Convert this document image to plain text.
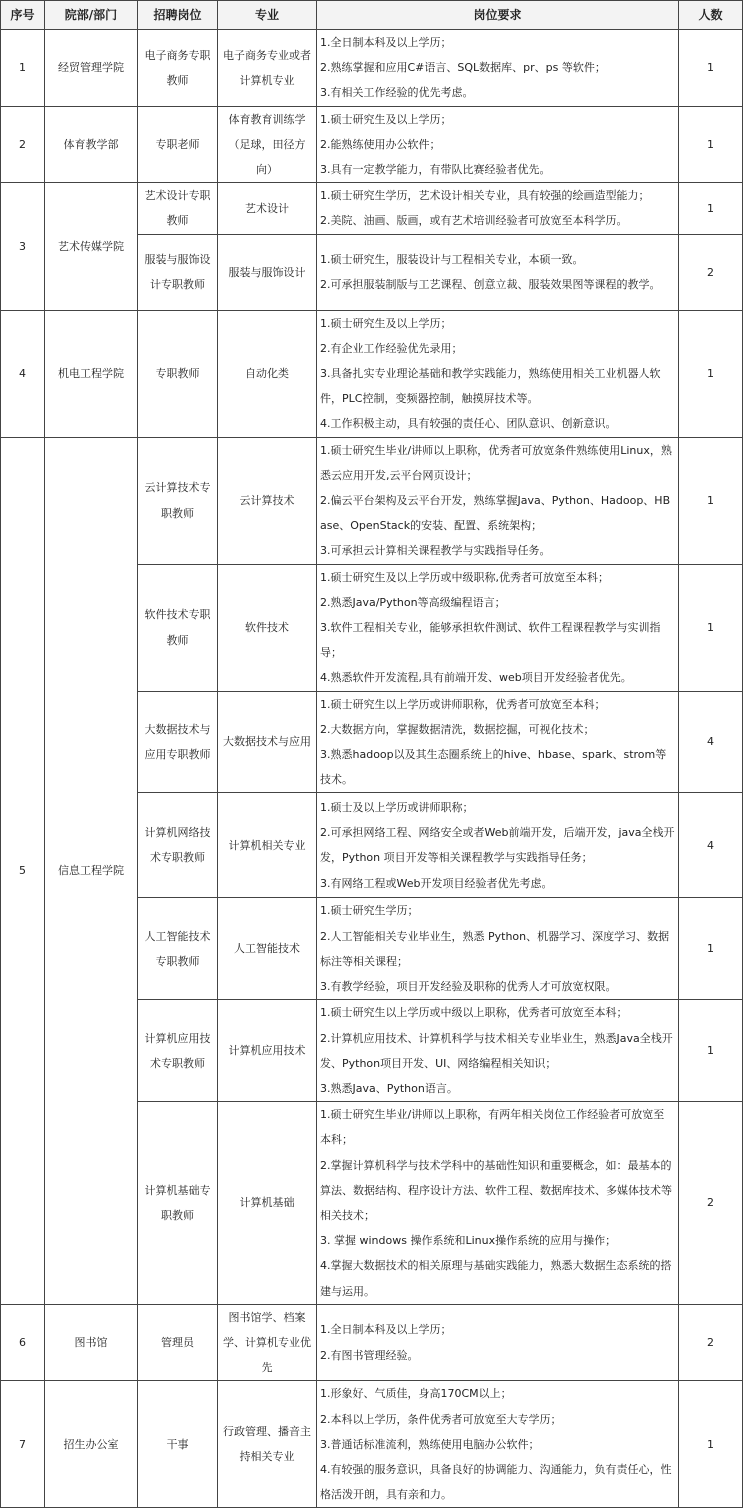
序号	院部/部门	招聘岗位	专业	岗位要求	人数
1	经贸管理学院	电子商务专职教师	电子商务专业或者计算机专业	1.全日制本科及以上学历；
2.熟练掌握和应用C#语言、SQL数据库、pr、ps 等软件；
3.有相关工作经验的优先考虑。	1
2	体育教学部	专职老师	体育教育训练学（足球，田径方向）	1.硕士研究生及以上学历；
2.能熟练使用办公软件；
3.具有一定教学能力，有带队比赛经验者优先。	1
3	艺术传媒学院	艺术设计专职教师	艺术设计	1.硕士研究生学历，艺术设计相关专业，具有较强的绘画造型能力；
2.美院、油画、版画，或有艺术培训经验者可放宽至本科学历。	1
		服装与服饰设计专职教师	服装与服饰设计	1.硕士研究生，服装设计与工程相关专业，本硕一致。
2.可承担服装制版与工艺课程、创意立裁、服装效果图等课程的教学。	2
4	机电工程学院	专职教师	自动化类	1.硕士研究生及以上学历；
2.有企业工作经验优先录用；
3.具备扎实专业理论基础和教学实践能力，熟练使用相关工业机器人软件，PLC控制，变频器控制，触摸屏技术等。
4.工作积极主动，具有较强的责任心、团队意识、创新意识。	1
5	信息工程学院	云计算技术专职教师	云计算技术	1.硕士研究生毕业/讲师以上职称，优秀者可放宽条件熟练使用Linux，熟悉云应用开发,云平台网页设计；
2.偏云平台架构及云平台开发，熟练掌握Java、Python、Hadoop、HBase、OpenStack的安装、配置、系统架构；
3.可承担云计算相关课程教学与实践指导任务。	1
		软件技术专职教师	软件技术	1.硕士研究生及以上学历或中级职称,优秀者可放宽至本科；
2.熟悉Java/Python等高级编程语言；
3.软件工程相关专业，能够承担软件测试、软件工程课程教学与实训指导；
4.熟悉软件开发流程,具有前端开发、web项目开发经验者优先。	1
		大数据技术与应用专职教师	大数据技术与应用	1.硕士研究生以上学历或讲师职称，优秀者可放宽至本科；
2.大数据方向，掌握数据清洗，数据挖掘，可视化技术；
3.熟悉hadoop以及其生态圈系统上的hive、hbase、spark、strom等技术。	4
		计算机网络技术专职教师	计算机相关专业	1.硕士及以上学历或讲师职称；
2.可承担网络工程、网络安全或者Web前端开发，后端开发，java全栈开发，Python 项目开发等相关课程教学与实践指导任务；
3.有网络工程或Web开发项目经验者优先考虑。	4
		人工智能技术专职教师	人工智能技术	1.硕士研究生学历；
2.人工智能相关专业毕业生，熟悉 Python、机器学习、深度学习、数据标注等相关课程；
3.有教学经验，项目开发经验及职称的优秀人才可放宽权限。	1
		计算机应用技术专职教师	计算机应用技术	1.硕士研究生以上学历或中级以上职称，优秀者可放宽至本科；
2.计算机应用技术、计算机科学与技术相关专业毕业生，熟悉Java全栈开发、Python项目开发、UI、网络编程相关知识；
3.熟悉Java、Python语言。	1
		计算机基础专职教师	计算机基础	1.硕士研究生毕业/讲师以上职称，有两年相关岗位工作经验者可放宽至本科；
2.掌握计算机科学与技术学科中的基础性知识和重要概念，如：最基本的算法、数据结构、程序设计方法、软件工程、数据库技术、多媒体技术等相关技术；
3. 掌握 windows 操作系统和Linux操作系统的应用与操作；
4.掌握大数据技术的相关原理与基础实践能力，熟悉大数据生态系统的搭建与运用。	2
6	图书馆	管理员	图书馆学、档案学、计算机专业优先	1.全日制本科及以上学历；
2.有图书管理经验。	2
7	招生办公室	干事	行政管理、播音主持相关专业	1.形象好、气质佳，身高170CM以上；
2.本科以上学历，条件优秀者可放宽至大专学历；
3.普通话标准流利，熟练使用电脑办公软件；
4.有较强的服务意识，具备良好的协调能力、沟通能力，负有责任心，性格活泼开朗，具有亲和力。	1
